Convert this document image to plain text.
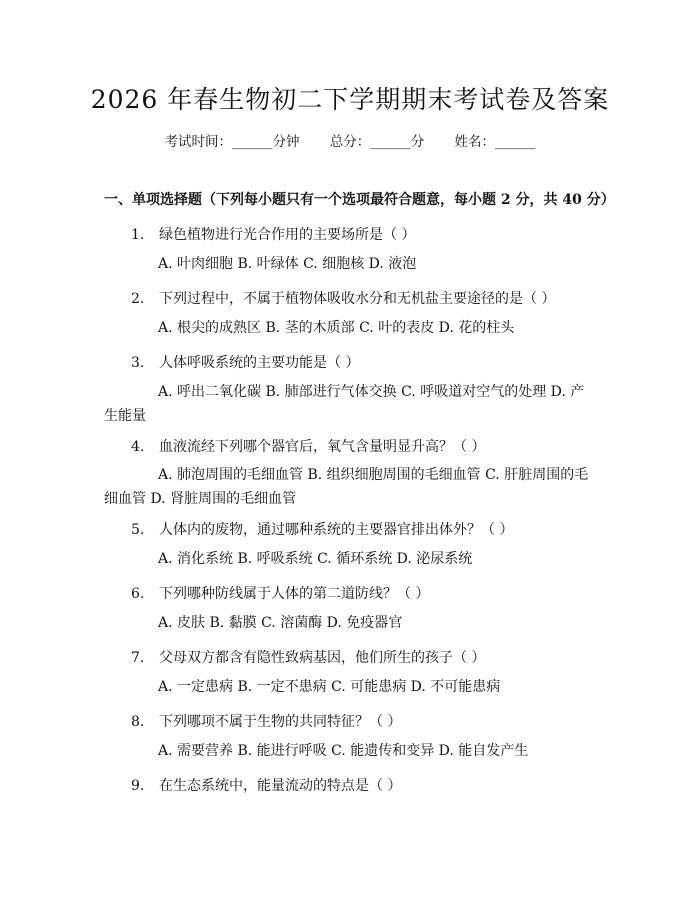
2026 年春生物初二下学期期末考试卷及答案
考试时间：______分钟 总分：______分 姓名：______
一、单项选择题（下列每小题只有一个选项最符合题意，每小题 2 分，共 40 分）
1. 绿色植物进行光合作用的主要场所是（ ）
A. 叶肉细胞 B. 叶绿体 C. 细胞核 D. 液泡
2. 下列过程中，不属于植物体吸收水分和无机盐主要途径的是（ ）
A. 根尖的成熟区 B. 茎的木质部 C. 叶的表皮 D. 花的柱头
3. 人体呼吸系统的主要功能是（ ）
A. 呼出二氧化碳 B. 肺部进行气体交换 C. 呼吸道对空气的处理 D. 产生能量
4. 血液流经下列哪个器官后，氧气含量明显升高？（ ）
A. 肺泡周围的毛细血管 B. 组织细胞周围的毛细血管 C. 肝脏周围的毛细血管 D. 肾脏周围的毛细血管
5. 人体内的废物，通过哪种系统的主要器官排出体外？（ ）
A. 消化系统 B. 呼吸系统 C. 循环系统 D. 泌尿系统
6. 下列哪种防线属于人体的第二道防线？（ ）
A. 皮肤 B. 黏膜 C. 溶菌酶 D. 免疫器官
7. 父母双方都含有隐性致病基因，他们所生的孩子（ ）
A. 一定患病 B. 一定不患病 C. 可能患病 D. 不可能患病
8. 下列哪项不属于生物的共同特征？（ ）
A. 需要营养 B. 能进行呼吸 C. 能遗传和变异 D. 能自发产生
9. 在生态系统中，能量流动的特点是（ ）
